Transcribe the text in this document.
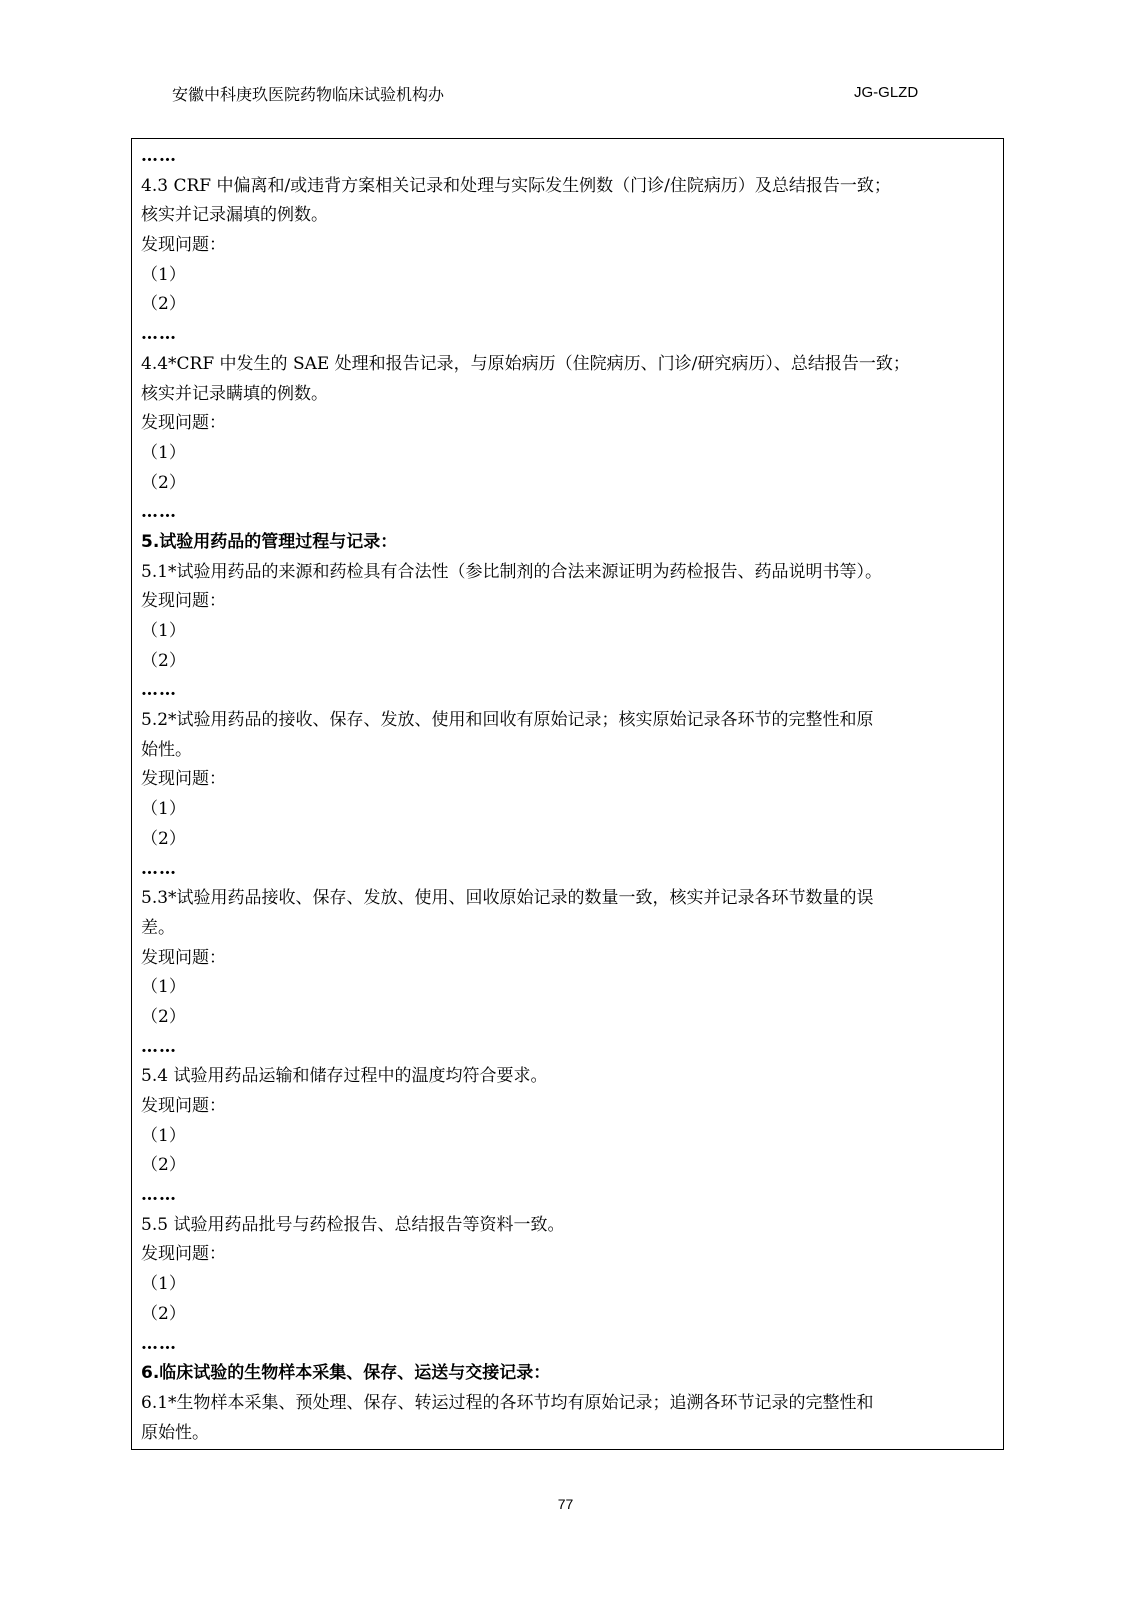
安徽中科庚玖医院药物临床试验机构办	JG-GLZD
……
4.3 CRF 中偏离和/或违背方案相关记录和处理与实际发生例数（门诊/住院病历）及总结报告一致；
核实并记录漏填的例数。
发现问题：
（1）
（2）
……
4.4*CRF 中发生的 SAE 处理和报告记录，与原始病历（住院病历、门诊/研究病历）、总结报告一致；
核实并记录瞒填的例数。
发现问题：
（1）
（2）
……
5.试验用药品的管理过程与记录：
5.1*试验用药品的来源和药检具有合法性（参比制剂的合法来源证明为药检报告、药品说明书等）。
发现问题：
（1）
（2）
……
5.2*试验用药品的接收、保存、发放、使用和回收有原始记录；核实原始记录各环节的完整性和原
始性。
发现问题：
（1）
（2）
……
5.3*试验用药品接收、保存、发放、使用、回收原始记录的数量一致，核实并记录各环节数量的误
差。
发现问题：
（1）
（2）
……
5.4 试验用药品运输和储存过程中的温度均符合要求。
发现问题：
（1）
（2）
……
5.5 试验用药品批号与药检报告、总结报告等资料一致。
发现问题：
（1）
（2）
……
6.临床试验的生物样本采集、保存、运送与交接记录：
6.1*生物样本采集、预处理、保存、转运过程的各环节均有原始记录；追溯各环节记录的完整性和
原始性。
77
